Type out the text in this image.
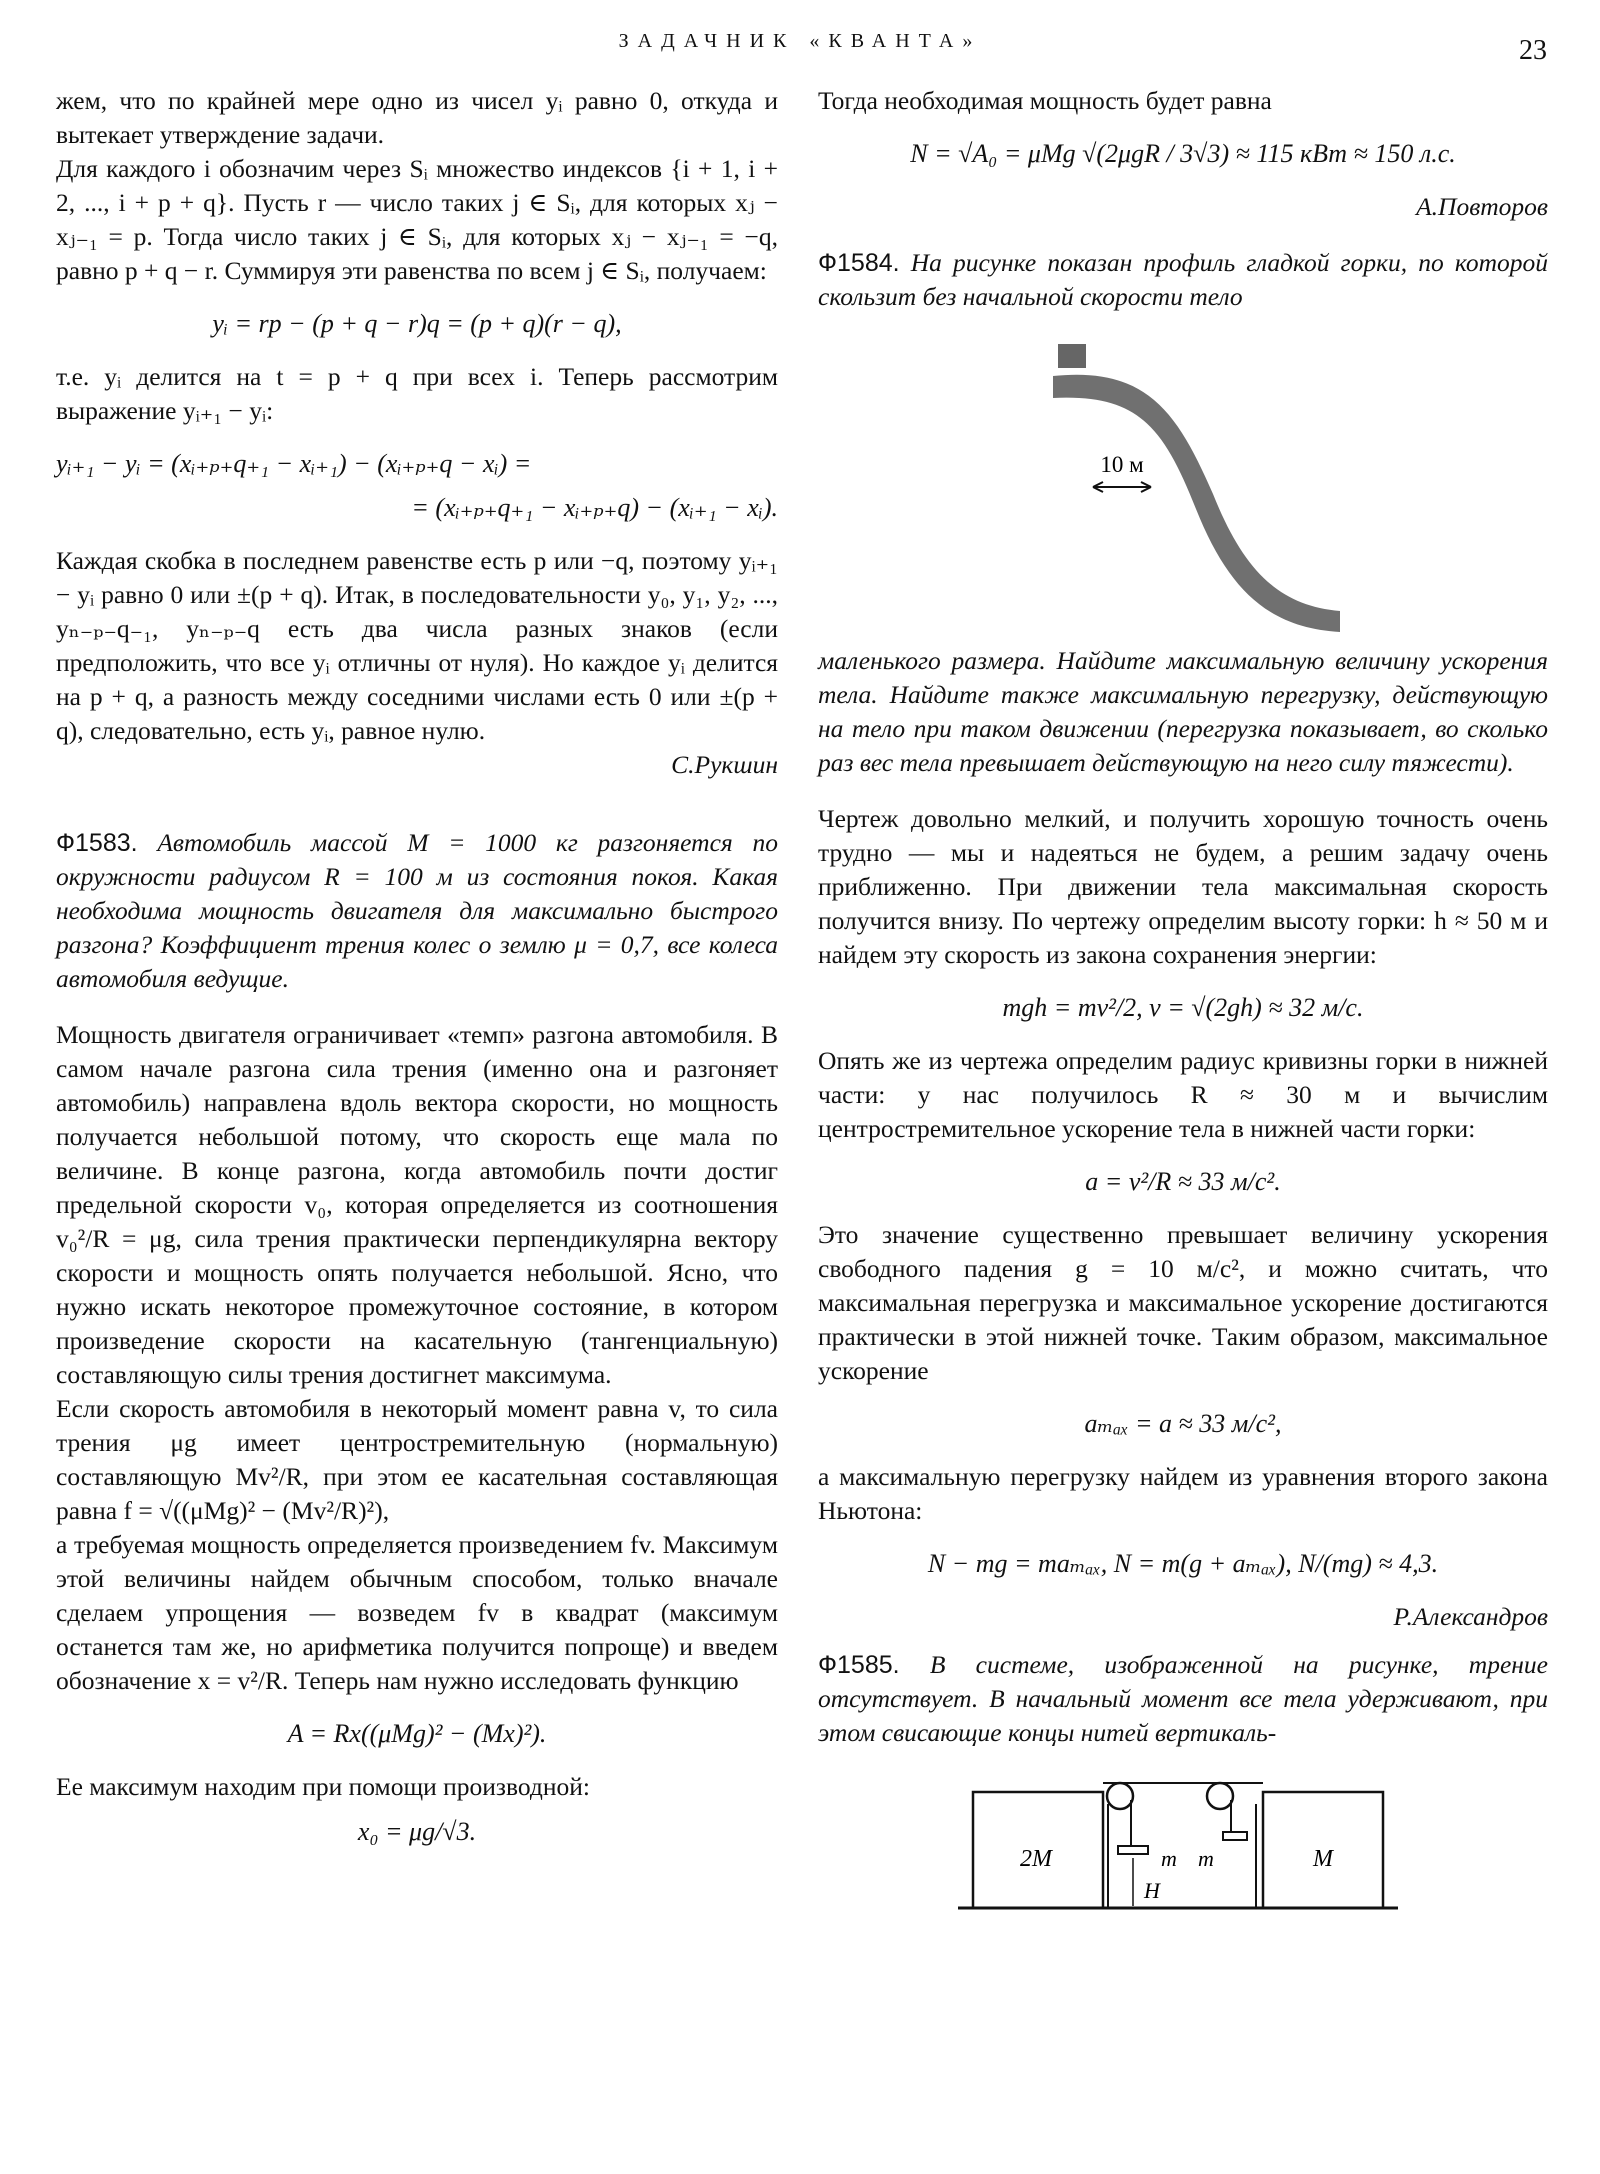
ЗАДАЧНИК «КВАНТА»	23

жем, что по крайней мере одно из чисел yᵢ равно 0, откуда и вытекает утверждение задачи.

Для каждого i обозначим через Sᵢ множество индексов {i + 1, i + 2, ..., i + p + q}. Пусть r — число таких j ∈ Sᵢ, для которых xⱼ − xⱼ₋₁ = p. Тогда число таких j ∈ Sᵢ, для которых xⱼ − xⱼ₋₁ = −q, равно p + q − r. Суммируя эти равенства по всем j ∈ Sᵢ, получаем:

yᵢ = rp − (p + q − r)q = (p + q)(r − q),

т.е. yᵢ делится на t = p + q при всех i. Теперь рассмотрим выражение yᵢ₊₁ − yᵢ:

yᵢ₊₁ − yᵢ = (xᵢ₊ₚ₊q₊₁ − xᵢ₊₁) − (xᵢ₊ₚ₊q − xᵢ) =
= (xᵢ₊ₚ₊q₊₁ − xᵢ₊ₚ₊q) − (xᵢ₊₁ − xᵢ).

Каждая скобка в последнем равенстве есть p или −q, поэтому yᵢ₊₁ − yᵢ равно 0 или ±(p + q). Итак, в последовательности y₀, y₁, y₂, ..., yₙ₋ₚ₋q₋₁, yₙ₋ₚ₋q есть два числа разных знаков (если предположить, что все yᵢ отличны от нуля). Но каждое yᵢ делится на p + q, а разность между соседними числами есть 0 или ±(p + q), следовательно, есть yᵢ, равное нулю.

С.Рукшин

Ф1583. Автомобиль массой M = 1000 кг разгоняется по окружности радиусом R = 100 м из состояния покоя. Какая необходима мощность двигателя для максимально быстрого разгона? Коэффициент трения колес о землю μ = 0,7, все колеса автомобиля ведущие.

Мощность двигателя ограничивает «темп» разгона автомобиля. В самом начале разгона сила трения (именно она и разгоняет автомобиль) направлена вдоль вектора скорости, но мощность получается небольшой потому, что скорость еще мала по величине. В конце разгона, когда автомобиль почти достиг предельной скорости v₀, которая определяется из соотношения v₀²/R = μg, сила трения практически перпендикулярна вектору скорости и мощность опять получается небольшой. Ясно, что нужно искать некоторое промежуточное состояние, в котором произведение скорости на касательную (тангенциальную) составляющую силы трения достигнет максимума.

Если скорость автомобиля в некоторый момент равна v, то сила трения μg имеет центростремительную (нормальную) составляющую Mv²/R, при этом ее касательная составляющая равна f = √((μMg)² − (Mv²/R)²),

а требуемая мощность определяется произведением fv. Максимум этой величины найдем обычным способом, только вначале сделаем упрощения — возведем fv в квадрат (максимум останется там же, но арифметика получится попроще) и введем обозначение x = v²/R. Теперь нам нужно исследовать функцию

A = Rx((μMg)² − (Mx)²).

Ее максимум находим при помощи производной:

x₀ = μg/√3.

Тогда необходимая мощность будет равна

N = √A₀ = μMg √(2μgR / 3√3) ≈ 115 кВт ≈ 150 л.с.
А.Повторов

Ф1584. На рисунке показан профиль гладкой горки, по которой скользит без начальной скорости тело

10 м

маленького размера. Найдите максимальную величину ускорения тела. Найдите также максимальную перегрузку, действующую на тело при таком движении (перегрузка показывает, во сколько раз вес тела превышает действующую на него силу тяжести).

Чертеж довольно мелкий, и получить хорошую точность очень трудно — мы и надеяться не будем, а решим задачу очень приближенно. При движении тела максимальная скорость получится внизу. По чертежу определим высоту горки: h ≈ 50 м и найдем эту скорость из закона сохранения энергии:

mgh = mv²/2, v = √(2gh) ≈ 32 м/с.

Опять же из чертежа определим радиус кривизны горки в нижней части: у нас получилось R ≈ 30 м и вычислим центростремительное ускорение тела в нижней части горки:

a = v²/R ≈ 33 м/с².

Это значение существенно превышает величину ускорения свободного падения g = 10 м/с², и можно считать, что максимальная перегрузка и максимальное ускорение достигаются практически в этой нижней точке. Таким образом, максимальное ускорение

aₘₐₓ = a ≈ 33 м/с²,

а максимальную перегрузку найдем из уравнения второго закона Ньютона:

N − mg = maₘₐₓ, N = m(g + aₘₐₓ), N/(mg) ≈ 4,3.
Р.Александров

Ф1585. В системе, изображенной на рисунке, трение отсутствует. В начальный момент все тела удерживают, при этом свисающие концы нитей вертикаль-

2M	M
m m
H
